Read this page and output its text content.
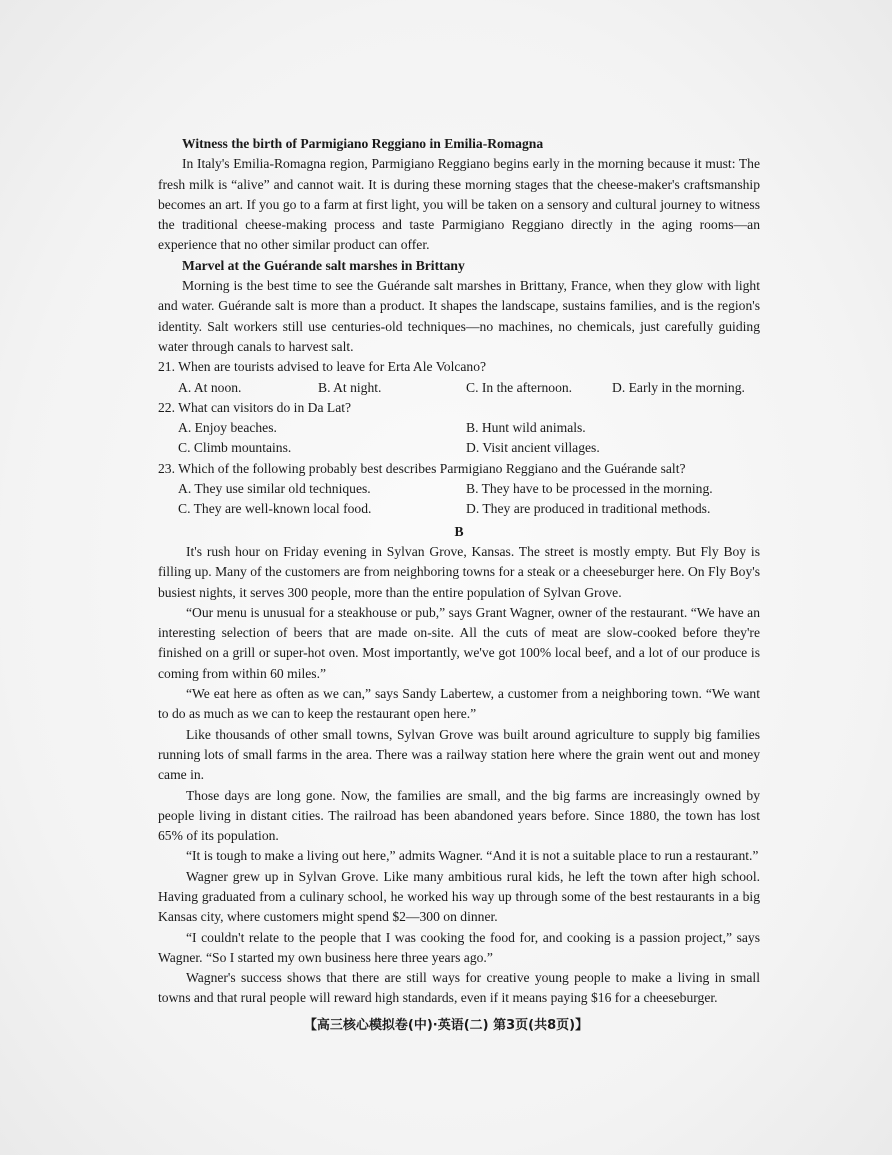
Witness the birth of Parmigiano Reggiano in Emilia-Romagna

In Italy's Emilia-Romagna region, Parmigiano Reggiano begins early in the morning because it must: The fresh milk is “alive” and cannot wait. It is during these morning stages that the cheese-maker's craftsmanship becomes an art. If you go to a farm at first light, you will be taken on a sensory and cultural journey to witness the traditional cheese-making process and taste Parmigiano Reggiano directly in the aging rooms—an experience that no other similar product can offer.

Marvel at the Guérande salt marshes in Brittany

Morning is the best time to see the Guérande salt marshes in Brittany, France, when they glow with light and water. Guérande salt is more than a product. It shapes the landscape, sustains families, and is the region's identity. Salt workers still use centuries-old techniques—no machines, no chemicals, just carefully guiding water through canals to harvest salt.

21. When are tourists advised to leave for Erta Ale Volcano?

A. At noon.	B. At night.	C. In the afternoon.	D. Early in the morning.

22. What can visitors do in Da Lat?

A. Enjoy beaches.	B. Hunt wild animals.
C. Climb mountains.	D. Visit ancient villages.

23. Which of the following probably best describes Parmigiano Reggiano and the Guérande salt?

A. They use similar old techniques.	B. They have to be processed in the morning.
C. They are well-known local food.	D. They are produced in traditional methods.

B

It's rush hour on Friday evening in Sylvan Grove, Kansas. The street is mostly empty. But Fly Boy is filling up. Many of the customers are from neighboring towns for a steak or a cheeseburger here. On Fly Boy's busiest nights, it serves 300 people, more than the entire population of Sylvan Grove.

“Our menu is unusual for a steakhouse or pub,” says Grant Wagner, owner of the restaurant. “We have an interesting selection of beers that are made on-site. All the cuts of meat are slow-cooked before they're finished on a grill or super-hot oven. Most importantly, we've got 100% local beef, and a lot of our produce is coming from within 60 miles.”

“We eat here as often as we can,” says Sandy Labertew, a customer from a neighboring town. “We want to do as much as we can to keep the restaurant open here.”

Like thousands of other small towns, Sylvan Grove was built around agriculture to supply big families running lots of small farms in the area. There was a railway station here where the grain went out and money came in.

Those days are long gone. Now, the families are small, and the big farms are increasingly owned by people living in distant cities. The railroad has been abandoned years before. Since 1880, the town has lost 65% of its population.

“It is tough to make a living out here,” admits Wagner. “And it is not a suitable place to run a restaurant.”

Wagner grew up in Sylvan Grove. Like many ambitious rural kids, he left the town after high school. Having graduated from a culinary school, he worked his way up through some of the best restaurants in a big Kansas city, where customers might spend $2—300 on dinner.

“I couldn't relate to the people that I was cooking the food for, and cooking is a passion project,” says Wagner. “So I started my own business here three years ago.”

Wagner's success shows that there are still ways for creative young people to make a living in small towns and that rural people will reward high standards, even if it means paying $16 for a cheeseburger.

【高三核心模拟卷(中)·英语(二) 第3页(共8页)】
